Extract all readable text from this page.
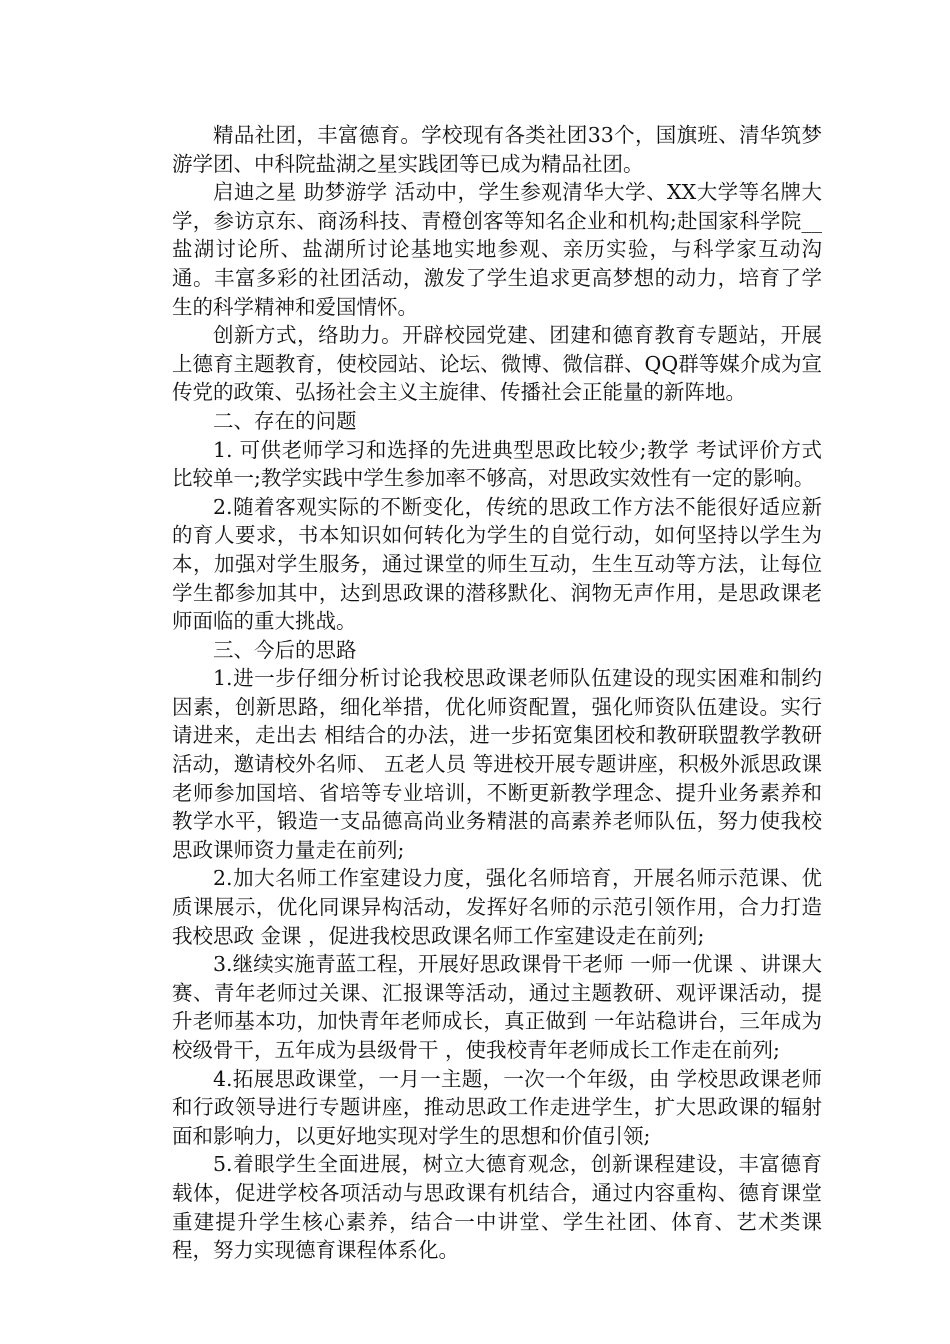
精品社团，丰富德育。学校现有各类社团33个，国旗班、清华筑梦游学团、中科院盐湖之星实践团等已成为精品社团。

启迪之星 助梦游学 活动中，学生参观清华大学、XX大学等名牌大学，参访京东、商汤科技、青橙创客等知名企业和机构;赴国家科学院__盐湖讨论所、盐湖所讨论基地实地参观、亲历实验，与科学家互动沟通。丰富多彩的社团活动，激发了学生追求更高梦想的动力，培育了学生的科学精神和爱国情怀。

创新方式，络助力。开辟校园党建、团建和德育教育专题站，开展上德育主题教育，使校园站、论坛、微博、微信群、QQ群等媒介成为宣传党的政策、弘扬社会主义主旋律、传播社会正能量的新阵地。

二、存在的问题

1. 可供老师学习和选择的先进典型思政比较少;教学 考试评价方式比较单一;教学实践中学生参加率不够高，对思政实效性有一定的影响。

2.随着客观实际的不断变化，传统的思政工作方法不能很好适应新的育人要求，书本知识如何转化为学生的自觉行动，如何坚持以学生为本，加强对学生服务，通过课堂的师生互动，生生互动等方法，让每位学生都参加其中，达到思政课的潜移默化、润物无声作用，是思政课老师面临的重大挑战。

三、今后的思路

1.进一步仔细分析讨论我校思政课老师队伍建设的现实困难和制约因素，创新思路，细化举措，优化师资配置，强化师资队伍建设。实行 请进来，走出去 相结合的办法，进一步拓宽集团校和教研联盟教学教研活动，邀请校外名师、 五老人员 等进校开展专题讲座，积极外派思政课老师参加国培、省培等专业培训，不断更新教学理念、提升业务素养和教学水平，锻造一支品德高尚业务精湛的高素养老师队伍，努力使我校思政课师资力量走在前列;

2.加大名师工作室建设力度，强化名师培育，开展名师示范课、优质课展示，优化同课异构活动，发挥好名师的示范引领作用，合力打造我校思政 金课 ，促进我校思政课名师工作室建设走在前列;

3.继续实施青蓝工程，开展好思政课骨干老师 一师一优课 、讲课大赛、青年老师过关课、汇报课等活动，通过主题教研、观评课活动，提升老师基本功，加快青年老师成长，真正做到 一年站稳讲台，三年成为校级骨干，五年成为县级骨干 ，使我校青年老师成长工作走在前列;

4.拓展思政课堂，一月一主题，一次一个年级，由 学校思政课老师和行政领导进行专题讲座，推动思政工作走进学生，扩大思政课的辐射面和影响力，以更好地实现对学生的思想和价值引领;

5.着眼学生全面进展，树立大德育观念，创新课程建设，丰富德育载体，促进学校各项活动与思政课有机结合，通过内容重构、德育课堂重建提升学生核心素养，结合一中讲堂、学生社团、体育、艺术类课程，努力实现德育课程体系化。
